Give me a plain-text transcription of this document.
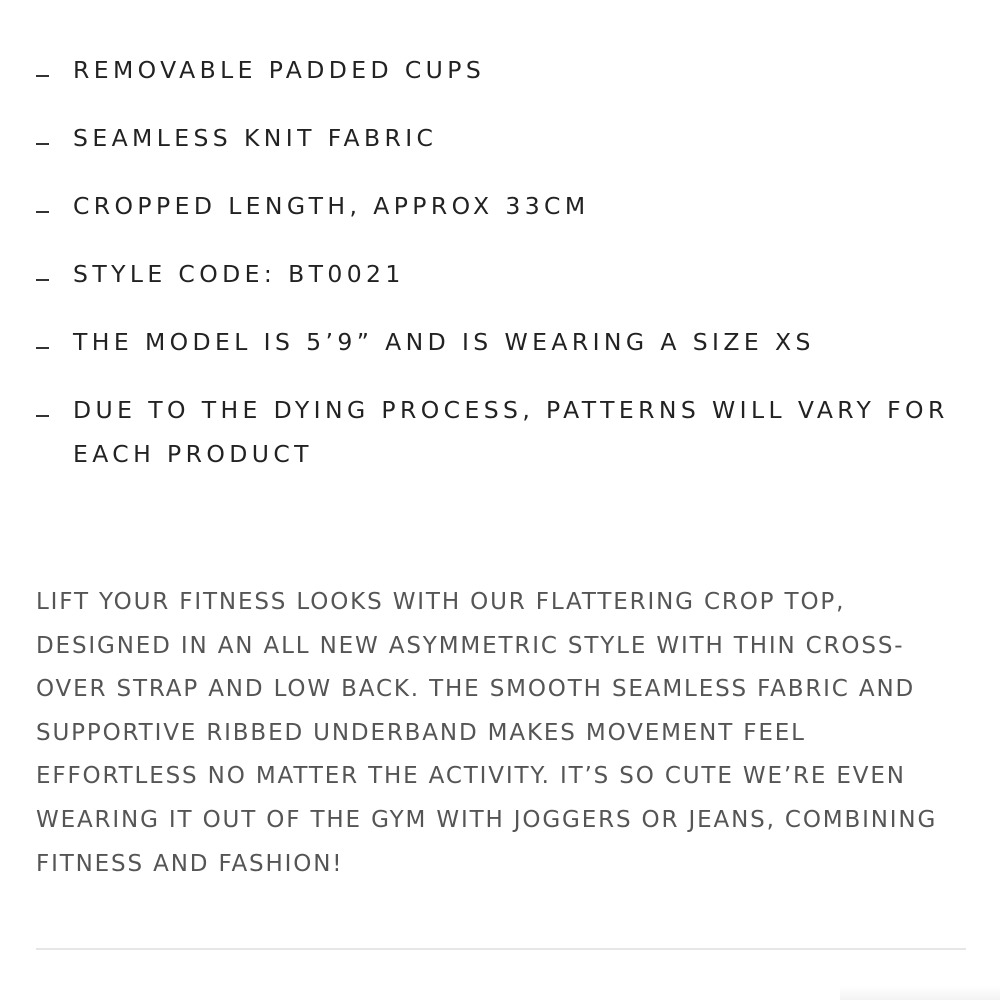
REMOVABLE PADDED CUPS
SEAMLESS KNIT FABRIC
CROPPED LENGTH, APPROX 33CM
STYLE CODE: BT0021
THE MODEL IS 5’9” AND IS WEARING A SIZE XS
DUE TO THE DYING PROCESS, PATTERNS WILL VARY FOR EACH PRODUCT

LIFT YOUR FITNESS LOOKS WITH OUR FLATTERING CROP TOP, DESIGNED IN AN ALL NEW ASYMMETRIC STYLE WITH THIN CROSS-OVER STRAP AND LOW BACK. THE SMOOTH SEAMLESS FABRIC AND SUPPORTIVE RIBBED UNDERBAND MAKES MOVEMENT FEEL EFFORTLESS NO MATTER THE ACTIVITY. IT’S SO CUTE WE’RE EVEN WEARING IT OUT OF THE GYM WITH JOGGERS OR JEANS, COMBINING FITNESS AND FASHION!
